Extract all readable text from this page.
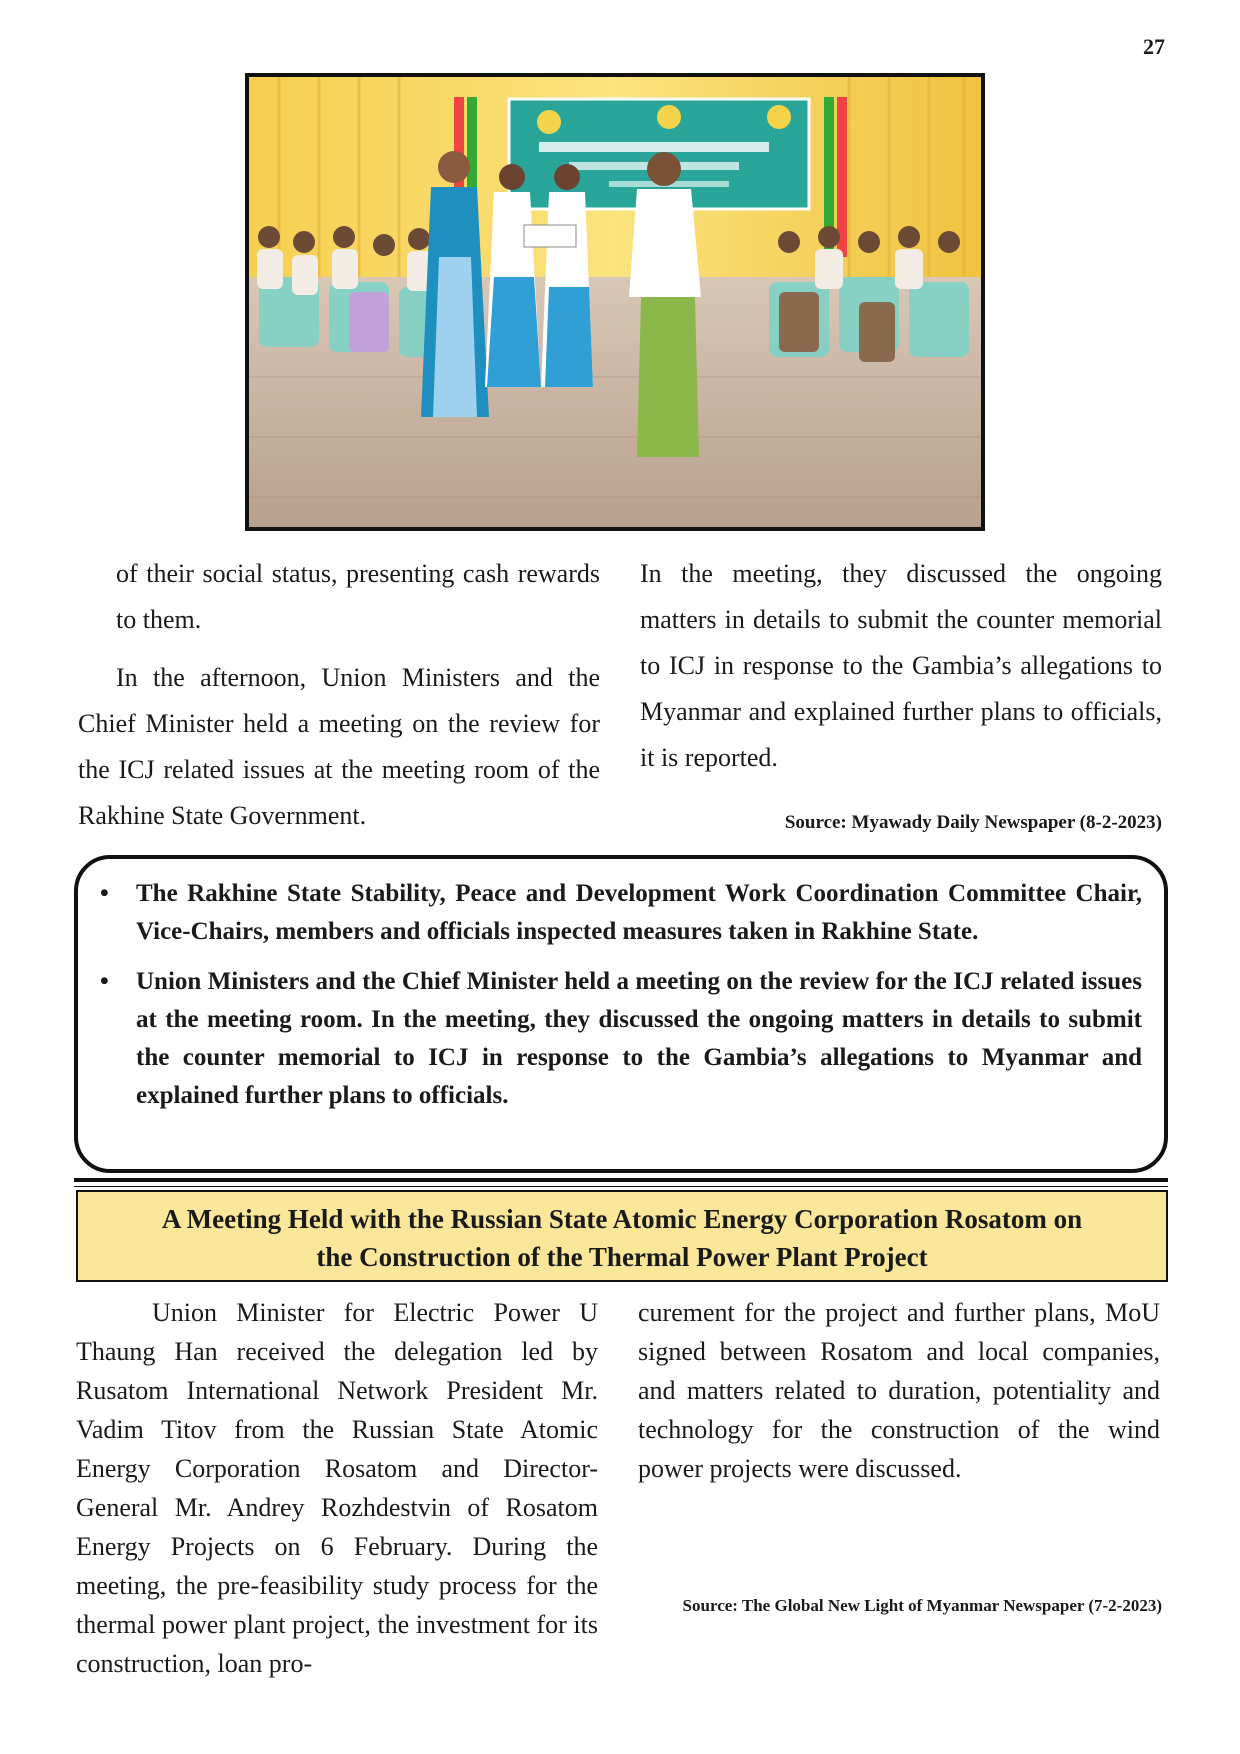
27

of their social status, presenting cash rewards to them.

In the afternoon, Union Ministers and the Chief Minister held a meeting on the review for the ICJ related issues at the meeting room of the Rakhine State Government.

In the meeting, they discussed the ongoing matters in details to submit the counter memorial to ICJ in response to the Gambia’s allegations to Myanmar and explained further plans to officials, it is reported.

Source: Myawady Daily Newspaper (8-2-2023)
• The Rakhine State Stability, Peace and Development Work Coordination Committee Chair, Vice-Chairs, members and officials inspected measures taken in Rakhine State.
• Union Ministers and the Chief Minister held a meeting on the review for the ICJ related issues at the meeting room. In the meeting, they discussed the ongoing matters in details to submit the counter memorial to ICJ in response to the Gambia’s allegations to Myanmar and explained further plans to officials.
A Meeting Held with the Russian State Atomic Energy Corporation Rosatom on
the Construction of the Thermal Power Plant Project

Union Minister for Electric Power U Thaung Han received the delegation led by Rusatom International Network President Mr. Vadim Titov from the Russian State Atomic Energy Corporation Rosatom and Director-General Mr. Andrey Rozhdestvin of Rosatom Energy Projects on 6 February. During the meeting, the pre-feasibility study process for the thermal power plant project, the investment for its construction, loan pro-

curement for the project and further plans, MoU signed between Rosatom and local companies, and matters related to duration, potentiality and technology for the construction of the wind power projects were discussed.

Source: The Global New Light of Myanmar Newspaper (7-2-2023)
